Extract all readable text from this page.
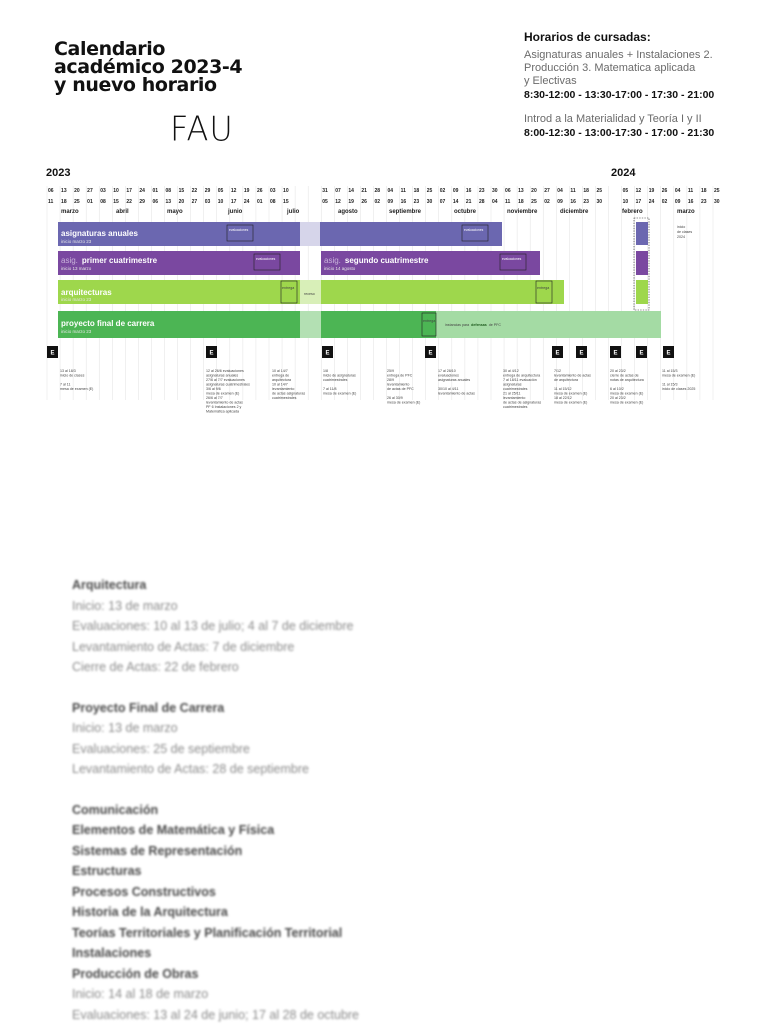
Calendario
académico 2023-4
y nuevo horario
FAU
Horarios de cursadas:

Asignaturas anuales + Instalaciones 2.

Producción 3. Matematica aplicada

y Electivas

8:30-12:00 - 13:30-17:00 - 17:30 - 21:00

Introd a la Materialidad y Teoría I y II

8:00-12:30 - 13:00-17:30 - 17:00 - 21:30

2023	2024
06
11
13
18
20
25
27
01
03
08
10
15
17
22
24
29
01
06
08
13
15
20
22
27
29
03
05
10
12
17
19
24
26
01
03
08
10
15
31
05
07
12
14
19
21
26
28
02
04
09
11
16
18
23
25
30
02
07
09
14
16
21
23
28
30
04
06
11
13
18
20
25
27
02
04
09
11
16
18
23
25
30
05
10
12
17
19
24
26
02
04
09
11
16
18
23
25
30
marzo	abril	mayo	junio	julio	agosto	septiembre	octubre	noviembre	diciembre	febrero	marzo
asignaturas anuales
inicio marzo 23
evaluaciones	evaluaciones
asig. primer cuatrimestre
inicio 13 marzo
asig. segundo cuatrimestre
inicio 14 agosto
evaluaciones	evaluaciones
arquitecturas
inicio marzo 23
receso
entrega	entrega
proyecto final de carrera
inicio marzo 23
entrega
instancias para defensas de PFC
inicio
de clases
2024
E	E	E	E	E	E	E	E	E
13 al 18/3
inicio de clases
7 al 11
mesa de examen (E)
12 al 26/6 evaluaciones
asignaturas anuales
27/6 al 7/7 evaluaciones
asignaturas cuatrimestrales
3/6 al 9/6
mesa de examen (E)
26/6 al 7/7
levantamiento de actas
PF 6 Instalaciones 2 y
Matemática aplicada
10 al 14/7
entrega de
arquitectura
10 al 14/7
levantamiento
de actas asignaturas
cuatrimestrales
1/8
inicio de asignaturas
cuatrimestrales
7 al 11/8
mesa de examen (E)
25/9
entrega de PFC
28/9
levantamiento
de actas de PFC
26 al 30/9
mesa de examen (E)
17 al 28/10
evaluaciones
asignaturas anuales
30/10 al 4/11
levantamiento de actas
30 al 4/12
entrega de arquitectura
7 al 18/11 evaluación
asignaturas
cuatrimestrales
21 al 25/11
levantamiento
de actas de asignaturas
cuatrimestrales
7/12
levantamiento de actas
de arquitectura
11 al 15/12
mesa de examen (E)
18 al 22/12
mesa de examen (E)
20 al 23/2
cierre de actas de
notas de arquitectura
6 al 10/2
mesa de examen (E)
20 al 23/2
mesa de examen (E)
11 al 15/3
mesa de examen (E)
11 al 15/3
inicio de clases 2025
Arquitectura
Inicio: 13 de marzo
Evaluaciones: 10 al 13 de julio; 4 al 7 de diciembre
Levantamiento de Actas: 7 de diciembre
Cierre de Actas: 22 de febrero
Proyecto Final de Carrera
Inicio: 13 de marzo
Evaluaciones: 25 de septiembre
Levantamiento de Actas: 28 de septiembre
Comunicación
Elementos de Matemática y Física
Sistemas de Representación
Estructuras
Procesos Constructivos
Historia de la Arquitectura
Teorías Territoriales y Planificación Territorial
Instalaciones
Producción de Obras
Inicio: 14 al 18 de marzo
Evaluaciones: 13 al 24 de junio; 17 al 28 de octubre
